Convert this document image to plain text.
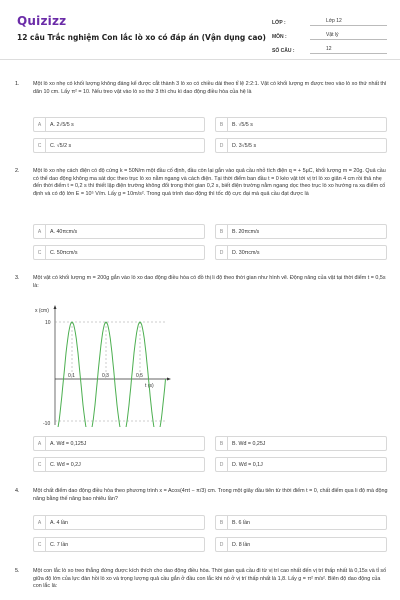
Quizizz
12 câu Trắc nghiệm Con lắc lò xo có đáp án (Vận dụng cao)
LỚP :	Lớp 12
MÔN :	Vật lý
SỐ CÂU :	12
1.	Một lò xo nhẹ có khối lượng không đáng kể được cắt thành 3 lò xo có chiều dài theo tỉ lệ 2:2:1. Vật có khối lượng m được treo vào lò xo thứ nhất thì dãn 10 cm. Lấy π² = 10. Nếu treo vật vào lò xo thứ 3 thì chu kì dao động điều hòa của hệ là
A	A. 2√5/5 s	B	B. √5/5 s
C	C. √5/2 s	D	D. 3√5/5 s
2.	Một lò xo nhẹ cách điện có độ cứng k = 50N/m một đầu cố định, đầu còn lại gắn vào quả cầu nhỏ tích điện q = + 5μC, khối lượng m = 20g. Quả cầu có thể dao động không ma sát dọc theo trục lò xo nằm ngang và cách điện. Tại thời điểm ban đầu t = 0 kéo vật tới vị trí lò xo giãn 4 cm rồi thả nhẹ đến thời điểm t = 0,2 s thì thiết lập điện trường không đổi trong thời gian 0,2 s, biết điện trường nằm ngang dọc theo trục lò xo hướng ra xa điểm cố định và có độ lớn E = 10⁵ V/m. Lấy g = 10m/s². Trong quá trình dao động thì tốc độ cực đại mà quả cầu đạt được là
A	A. 40πcm/s	B	B. 20πcm/s
C	C. 50πcm/s	D	D. 30πcm/s
3.	Một vật có khối lượng m = 200g gắn vào lò xo dao động điều hòa có đồ thị li độ theo thời gian như hình vẽ. Động năng của vật tại thời điểm t = 0,5s là:
x (cm)
10
-10
t (s)
0,1	0,3	0,5
A	A. Wđ = 0,125J	B	B. Wđ = 0,25J
C	C. Wđ = 0,2J	D	D. Wđ = 0,1J
4.	Một chất điểm dao động điều hòa theo phương trình x = Acos(4πt − π/3) cm. Trong một giây đầu tiên từ thời điểm t = 0, chất điểm qua li độ mà động năng bằng thế năng bao nhiêu lần?
A	A. 4 lần	B	B. 6 lần
C	C. 7 lần	D	D. 8 lần
5.	Một con lắc lò xo treo thẳng đứng được kích thích cho dao động điều hòa. Thời gian quả cầu đi từ vị trí cao nhất đến vị trí thấp nhất là 0,15s và tỉ số giữa độ lớn của lực đàn hồi lò xo và trọng lượng quả cầu gắn ở đầu con lắc khi nó ở vị trí thấp nhất là 1,8. Lấy g = π² m/s². Biên độ dao động của con lắc là:
